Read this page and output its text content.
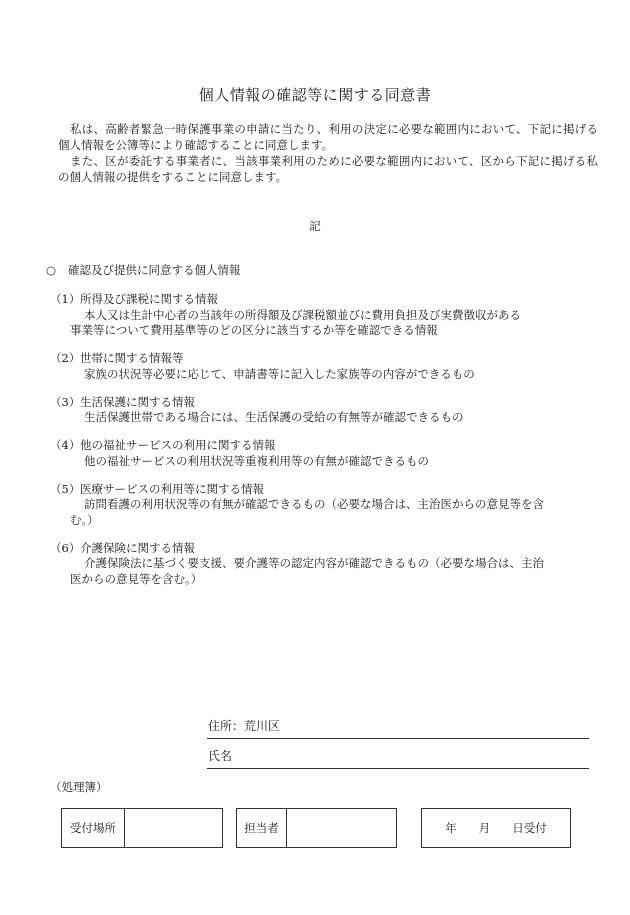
個人情報の確認等に関する同意書

私は、高齢者緊急一時保護事業の申請に当たり、利用の決定に必要な範囲内において、下記に掲げる個人情報を公簿等により確認することに同意します。

また、区が委託する事業者に、当該事業利用のために必要な範囲内において、区から下記に掲げる私の個人情報の提供をすることに同意します。

記
○ 確認及び提供に同意する個人情報
（1）所得及び課税に関する情報
本人又は生計中心者の当該年の所得額及び課税額並びに費用負担及び実費徴収がある
事業等について費用基準等のどの区分に該当するか等を確認できる情報
（2）世帯に関する情報等
家族の状況等必要に応じて、申請書等に記入した家族等の内容ができるもの
（3）生活保護に関する情報
生活保護世帯である場合には、生活保護の受給の有無等が確認できるもの
（4）他の福祉サービスの利用に関する情報
他の福祉サービスの利用状況等重複利用等の有無が確認できるもの
（5）医療サービスの利用等に関する情報
訪問看護の利用状況等の有無が確認できるもの（必要な場合は、主治医からの意見等を含
む。）
（6）介護保険に関する情報
介護保険法に基づく要支援、要介護等の認定内容が確認できるもの（必要な場合は、主治
医からの意見等を含む。）
住所：荒川区
氏名
（処理簿）
受付場所	担当者	年 月 日受付
